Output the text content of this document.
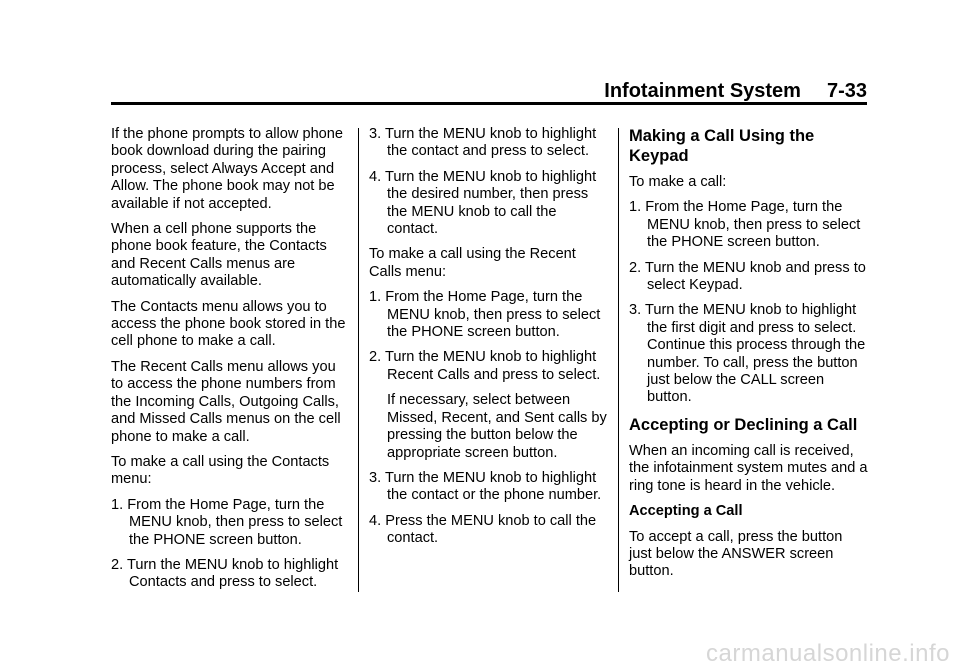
Infotainment System 7-33

If the phone prompts to allow phone book download during the pairing process, select Always Accept and Allow. The phone book may not be available if not accepted.

When a cell phone supports the phone book feature, the Contacts and Recent Calls menus are automatically available.

The Contacts menu allows you to access the phone book stored in the cell phone to make a call.

The Recent Calls menu allows you to access the phone numbers from the Incoming Calls, Outgoing Calls, and Missed Calls menus on the cell phone to make a call.

To make a call using the Contacts menu:

1. From the Home Page, turn the MENU knob, then press to select the PHONE screen button.
2. Turn the MENU knob to highlight Contacts and press to select.
3. Turn the MENU knob to highlight the contact and press to select.
4. Turn the MENU knob to highlight the desired number, then press the MENU knob to call the contact.

To make a call using the Recent Calls menu:

1. From the Home Page, turn the MENU knob, then press to select the PHONE screen button.
2. Turn the MENU knob to highlight Recent Calls and press to select.

If necessary, select between Missed, Recent, and Sent calls by pressing the button below the appropriate screen button.

3. Turn the MENU knob to highlight the contact or the phone number.
4. Press the MENU knob to call the contact.
Making a Call Using the Keypad

To make a call:

1. From the Home Page, turn the MENU knob, then press to select the PHONE screen button.
2. Turn the MENU knob and press to select Keypad.
3. Turn the MENU knob to highlight the first digit and press to select. Continue this process through the number. To call, press the button just below the CALL screen button.
Accepting or Declining a Call

When an incoming call is received, the infotainment system mutes and a ring tone is heard in the vehicle.

Accepting a Call

To accept a call, press the button just below the ANSWER screen button.

carmanualsonline.info
